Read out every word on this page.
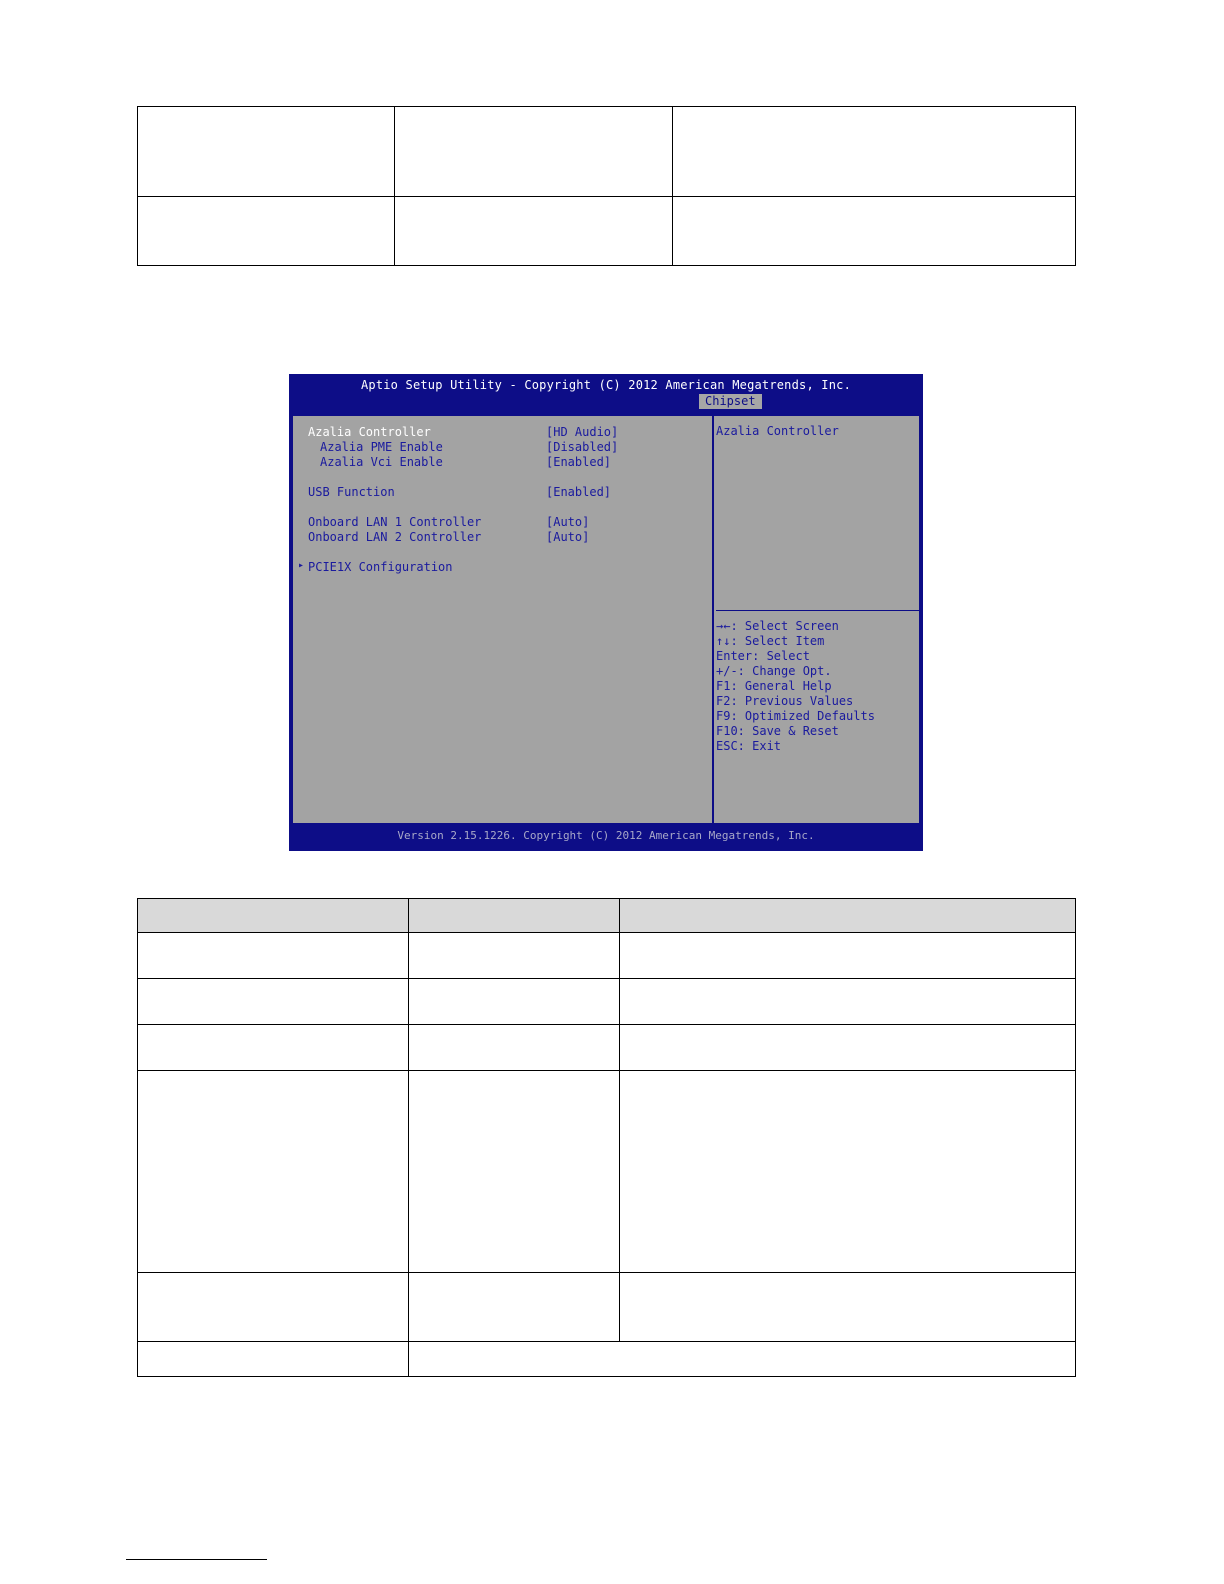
Aptio Setup Utility - Copyright (C) 2012 American Megatrends, Inc.
Chipset
Azalia Controller	[HD Audio]
Azalia PME Enable	[Disabled]
Azalia Vci Enable	[Enabled]
USB Function	[Enabled]
Onboard LAN 1 Controller	[Auto]
Onboard LAN 2 Controller	[Auto]
▸ PCIE1X Configuration
Azalia Controller
→←: Select Screen
↑↓: Select Item
Enter: Select
+/-: Change Opt.
F1: General Help
F2: Previous Values
F9: Optimized Defaults
F10: Save & Reset
ESC: Exit
Version 2.15.1226. Copyright (C) 2012 American Megatrends, Inc.
